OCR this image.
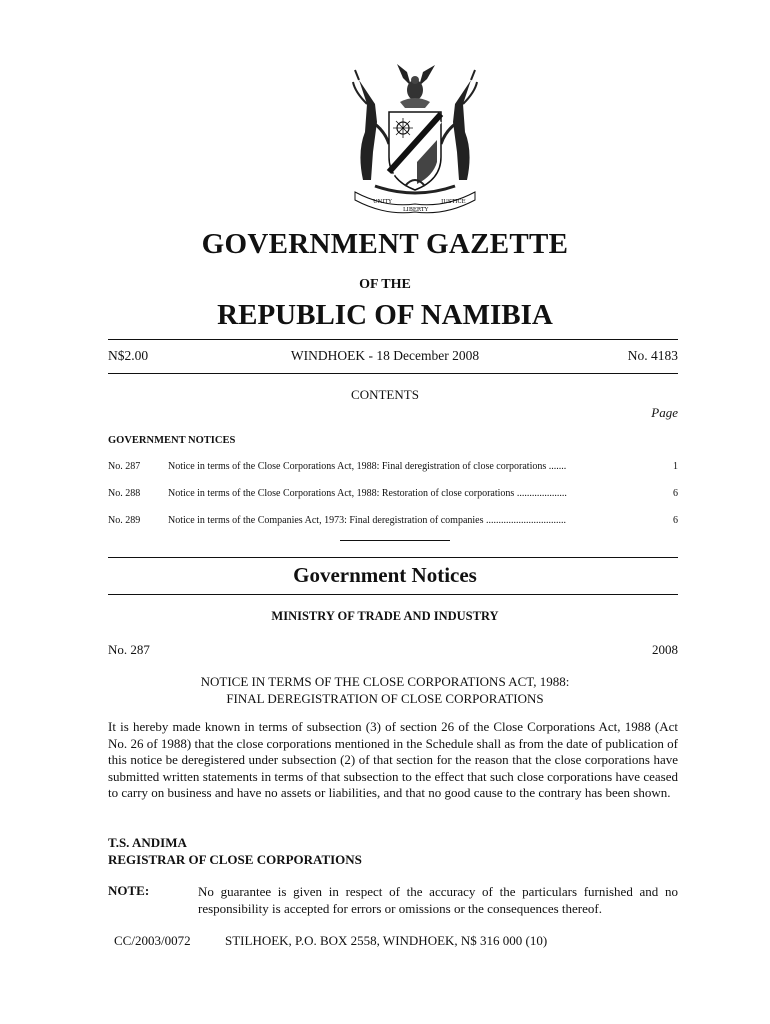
UNITY
LIBERTY
JUSTICE
GOVERNMENT GAZETTE
OF THE
REPUBLIC OF NAMIBIA
N$2.00	WINDHOEK - 18 December 2008	No. 4183
CONTENTS
Page
GOVERNMENT NOTICES
No. 287	Notice in terms of the Close Corporations Act, 1988: Final deregistration of close corporations .......	1
No. 288	Notice in terms of the Close Corporations Act, 1988: Restoration of close corporations ....................	6
No. 289	Notice in terms of the Companies Act, 1973: Final deregistration of companies ................................	6
Government Notices
MINISTRY OF TRADE AND INDUSTRY
No. 287	2008
NOTICE IN TERMS OF THE CLOSE CORPORATIONS ACT, 1988:
FINAL DEREGISTRATION OF CLOSE CORPORATIONS
It is hereby made known in terms of subsection (3) of section 26 of the Close Corporations Act, 1988 (Act No. 26 of 1988) that the close corporations mentioned in the Schedule shall as from the date of publication of this notice be deregistered under subsection (2) of that section for the reason that the close corporations have submitted written statements in terms of that subsection to the effect that such close corporations have ceased to carry on business and have no assets or liabilities, and that no good cause to the contrary has been shown.
T.S. ANDIMA
REGISTRAR OF CLOSE CORPORATIONS
NOTE:	No guarantee is given in respect of the accuracy of the particulars furnished and no responsibility is accepted for errors or omissions or the consequences thereof.
CC/2003/0072	STILHOEK, P.O. BOX 2558, WINDHOEK, N$ 316 000 (10)
